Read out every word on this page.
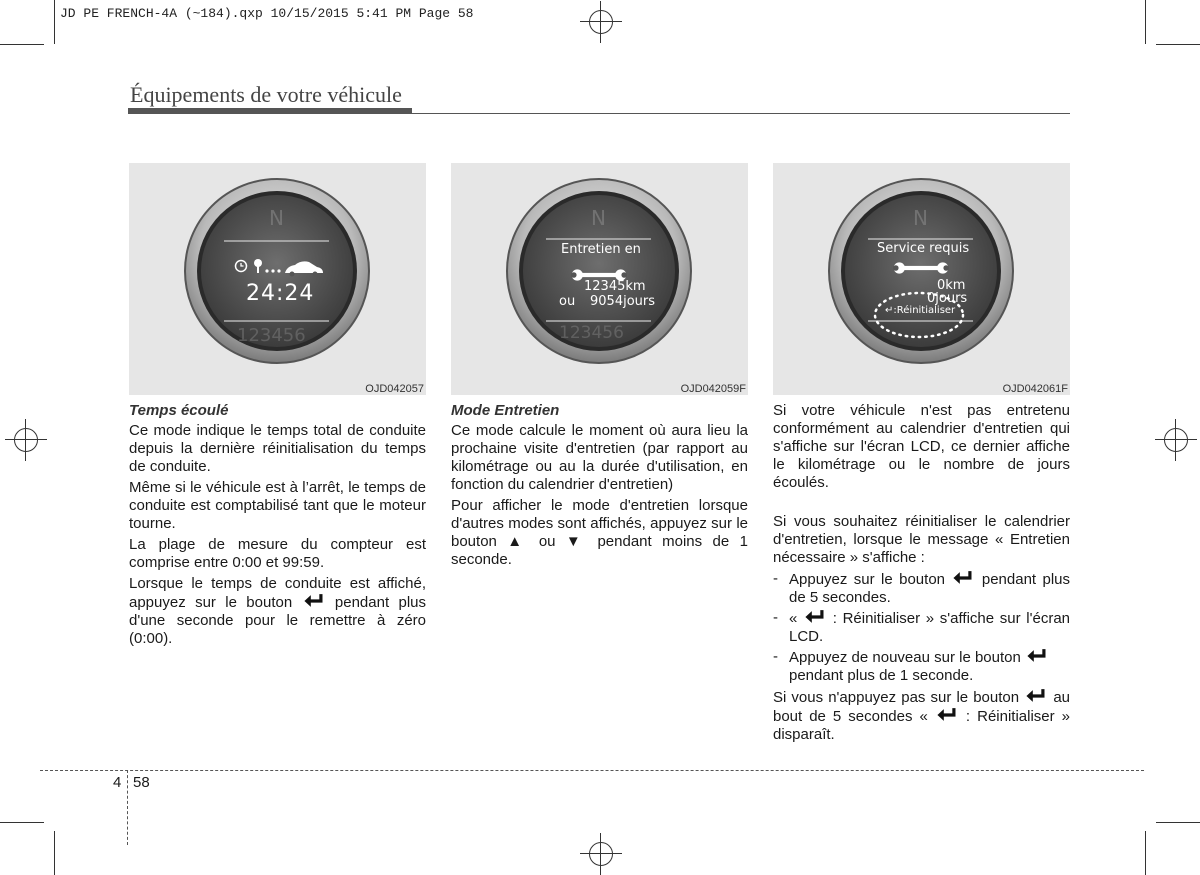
JD PE FRENCH-4A (~184).qxp 10/15/2015 5:41 PM Page 58
Équipements de votre véhicule
N
24:24
123456
OJD042057
N
Entretien en
12345km
ou 9054jours
123456
OJD042059F
N
Service requis
0km
0jours
↵:Réinitialiser
OJD042061F
Temps écoulé

Ce mode indique le temps total de conduite depuis la dernière réinitialisation du temps de conduite.

Même si le véhicule est à l’arrêt, le temps de conduite est comptabilisé tant que le moteur tourne.

La plage de mesure du compteur est comprise entre 0:00 et 99:59.

Lorsque le temps de conduite est affiché, appuyez sur le bouton	pendant plus d'une seconde pour le remettre à zéro (0:00).

Mode Entretien

Ce mode calcule le moment où aura lieu la prochaine visite d'entretien (par rapport au kilométrage ou au la durée d'utilisation, en fonction du calendrier d'entretien)

Pour afficher le mode d'entretien lorsque d'autres modes sont affichés, appuyez sur le bouton ▲ ou ▼ pendant moins de 1 seconde.

Si votre véhicule n'est pas entretenu conformément au calendrier d'entretien qui s'affiche sur l'écran LCD, ce dernier affiche le kilométrage ou le nombre de jours écoulés.

Si vous souhaitez réinitialiser le calendrier d'entretien, lorsque le message « Entretien nécessaire » s'affiche :

- Appuyez sur le bouton pendant plus de 5 secondes.
- « : Réinitialiser » s'affiche sur l'écran LCD.
- Appuyez de nouveau sur le bouton  pendant plus de 1 seconde.

Si vous n'appuyez pas sur le bouton au bout de 5 secondes «	: Réinitialiser » disparaît.

4 58
